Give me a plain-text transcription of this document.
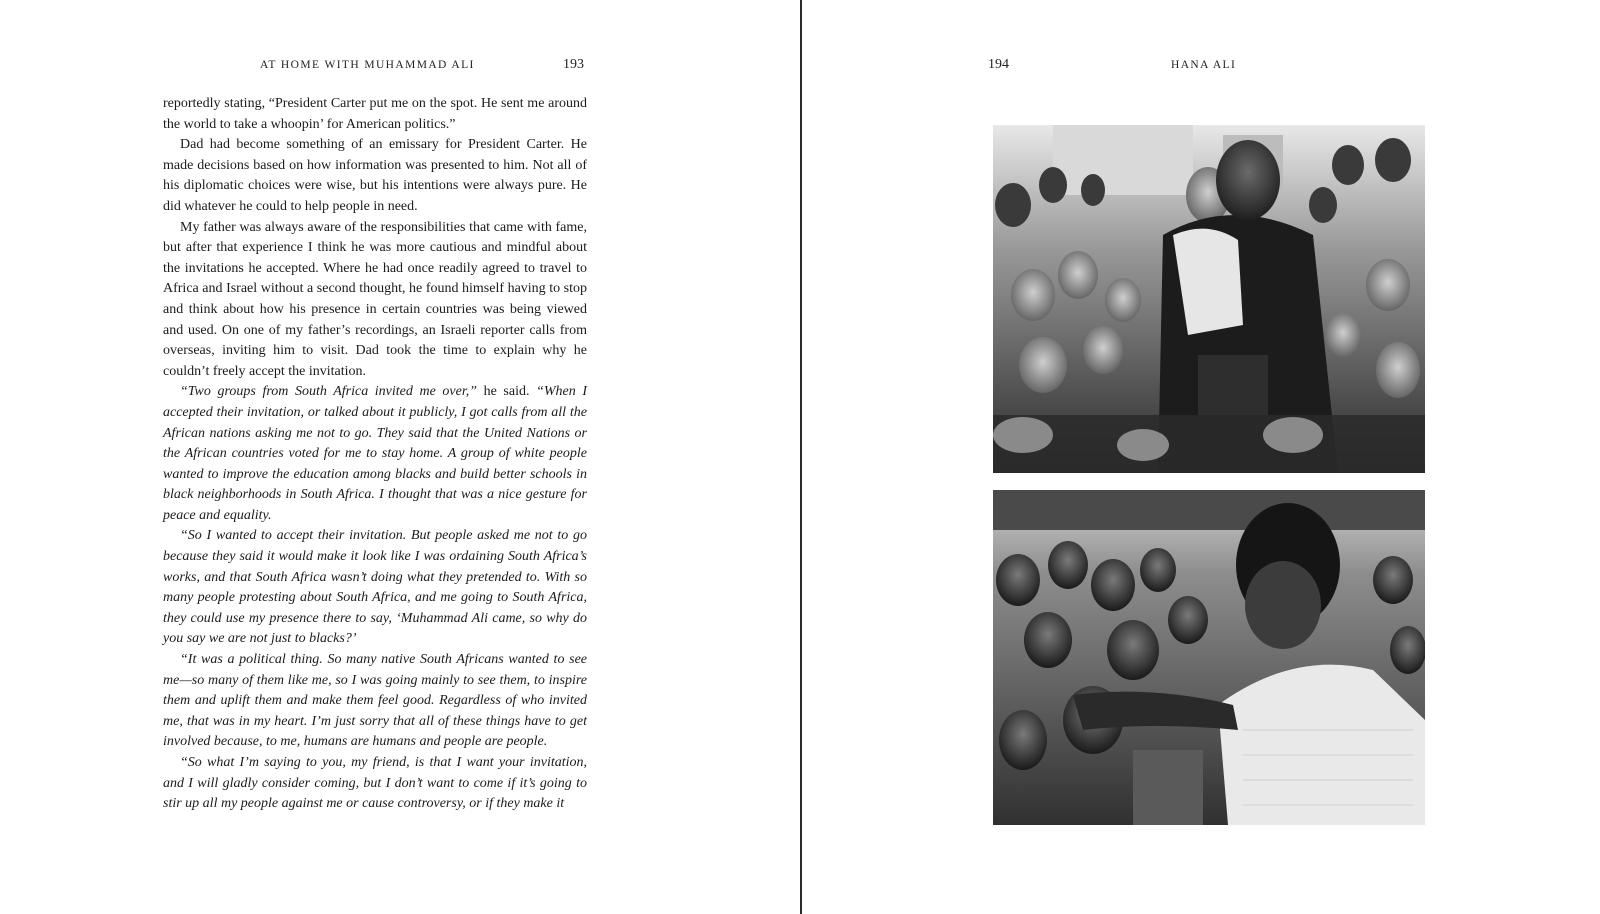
AT HOME WITH MUHAMMAD ALI	193

reportedly stating, “President Carter put me on the spot. He sent me around the world to take a whoopin’ for American politics.”

Dad had become something of an emissary for President Carter. He made decisions based on how information was presented to him. Not all of his diplomatic choices were wise, but his intentions were always pure. He did whatever he could to help people in need.

My father was always aware of the responsibilities that came with fame, but after that experience I think he was more cautious and mindful about the invitations he accepted. Where he had once readily agreed to travel to Africa and Israel without a second thought, he found himself having to stop and think about how his presence in certain countries was being viewed and used. On one of my father’s recordings, an Israeli reporter calls from overseas, inviting him to visit. Dad took the time to explain why he couldn’t freely accept the invitation.

“Two groups from South Africa invited me over,” he said. “When I accepted their invitation, or talked about it publicly, I got calls from all the African nations asking me not to go. They said that the United Nations or the African countries voted for me to stay home. A group of white people wanted to improve the education among blacks and build better schools in black neighborhoods in South Africa. I thought that was a nice gesture for peace and equality.

“So I wanted to accept their invitation. But people asked me not to go because they said it would make it look like I was ordaining South Africa’s works, and that South Africa wasn’t doing what they pretended to. With so many people protesting about South Africa, and me going to South Africa, they could use my presence there to say, ‘Muhammad Ali came, so why do you say we are not just to blacks?’

“It was a political thing. So many native South Africans wanted to see me—so many of them like me, so I was going mainly to see them, to inspire them and uplift them and make them feel good. Regardless of who invited me, that was in my heart. I’m just sorry that all of these things have to get involved because, to me, humans are humans and people are people.

“So what I’m saying to you, my friend, is that I want your invitation, and I will gladly consider coming, but I don’t want to come if it’s going to stir up all my people against me or cause controversy, or if they make it

194	HANA ALI
